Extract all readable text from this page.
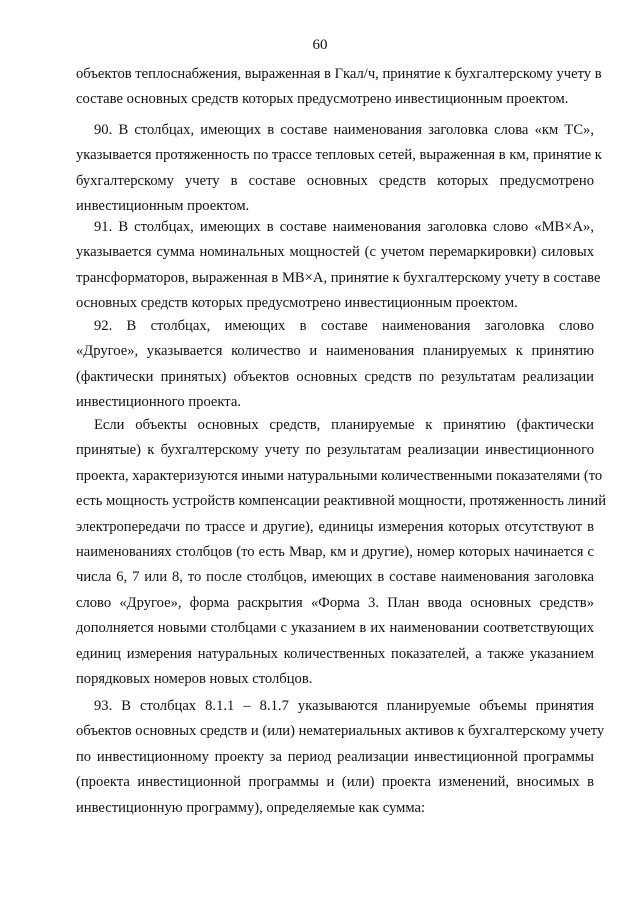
60
объектов теплоснабжения, выраженная в Гкал/ч, принятие к бухгалтерскому учету в
составе основных средств которых предусмотрено инвестиционным проектом.
90. В столбцах, имеющих в составе наименования заголовка слова «км ТС»,
указывается протяженность по трассе тепловых сетей, выраженная в км, принятие к
бухгалтерскому учету в составе основных средств которых предусмотрено
инвестиционным проектом.
91. В столбцах, имеющих в составе наименования заголовка слово «МВ×А»,
указывается сумма номинальных мощностей (с учетом перемаркировки) силовых
трансформаторов, выраженная в МВ×А, принятие к бухгалтерскому учету в составе
основных средств которых предусмотрено инвестиционным проектом.
92. В столбцах, имеющих в составе наименования заголовка слово
«Другое», указывается количество и наименования планируемых к принятию
(фактически принятых) объектов основных средств по результатам реализации
инвестиционного проекта.
Если объекты основных средств, планируемые к принятию (фактически
принятые) к бухгалтерскому учету по результатам реализации инвестиционного
проекта, характеризуются иными натуральными количественными показателями (то
есть мощность устройств компенсации реактивной мощности, протяженность линий
электропередачи по трассе и другие), единицы измерения которых отсутствуют в
наименованиях столбцов (то есть Мвар, км и другие), номер которых начинается с
числа 6, 7 или 8, то после столбцов, имеющих в составе наименования заголовка
слово «Другое», форма раскрытия «Форма 3. План ввода основных средств»
дополняется новыми столбцами с указанием в их наименовании соответствующих
единиц измерения натуральных количественных показателей, а также указанием
порядковых номеров новых столбцов.
93. В столбцах 8.1.1 – 8.1.7 указываются планируемые объемы принятия
объектов основных средств и (или) нематериальных активов к бухгалтерскому учету
по инвестиционному проекту за период реализации инвестиционной программы
(проекта инвестиционной программы и (или) проекта изменений, вносимых в
инвестиционную программу), определяемые как сумма:
